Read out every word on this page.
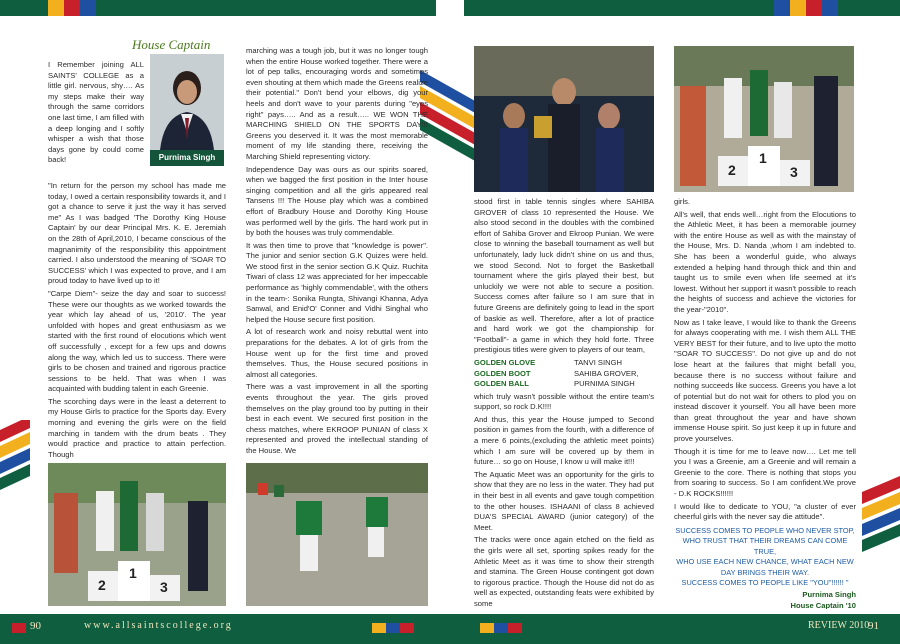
House Captain
Purnima Singh
I Remember joining ALL SAINTS' COLLEGE as a little girl. nervous, shy…. As my steps make their way through the same corridors one last time, I am filled with a deep longing and I softly whisper a wish that those days gone by could come back!

"In return for the person my school has made me today, I owed a certain responsibility towards it, and I got a chance to serve it just the way it has served me" As I was badged 'The Dorothy King House Captain' by our dear Principal Mrs. K. E. Jeremiah on the 28th of April,2010, I became conscious of the magnanimity of the responsibility this appointment carried. I also understood the meaning of 'SOAR TO SUCCESS' which I was expected to prove, and I am proud today to have lived up to it!

"Carpe Diem"- seize the day and soar to success! These were our thoughts as we worked towards the year which lay ahead of us, '2010'. The year unfolded with hopes and great enthusiasm as we started with the first round of elocutions which went off successfully , except for a few ups and downs along the way, which led us to success. There were girls to be chosen and trained and rigorous practice sessions to be held. That was when I was acquainted with budding talent in each Greenie.

The scorching days were in the least a deterrent to my House Girls to practice for the Sports day. Every morning and evening the girls were on the field marching in tandem with the drum beats . They would practice and practice to attain perfection. Though

marching was a tough job, but it was no longer tough when the entire House worked together. There were a lot of pep talks, encouraging words and sometimes even shouting at them which made the Greens realize their potential." Don't bend your elbows, dig your heels and don't wave to your parents during "eyes right" pays….. And as a result….. WE WON THE MARCHING SHIELD ON THE SPORTS DAY!!! Greens you deserved it. It was the most memorable moment of my life standing there, receiving the Marching Shield representing victory.

Independence Day was ours as our spirits soared, when we bagged the first position in the Inter house singing competition and all the girls appeared real Tansens !!! The House play which was a combined effort of Bradbury House and Dorothy King House was performed well by the girls. The hard work put in by both the houses was truly commendable.

It was then time to prove that "knowledge is power". The junior and senior section G.K Quizes were held. We stood first in the senior section G.K Quiz. Ruchita Tiwari of class 12 was appreciated for her impeccable performance as 'highly commendable', with the others in the team-: Sonika Rungta, Shivangi Khanna, Adya Sanwal, and Enid'O' Conner and Vidhi Singhal who helped the House secure first position.

A lot of research work and noisy rebuttal went into preparations for the debates. A lot of girls from the House went up for the first time and proved themselves. Thus, the House secured positions in almost all categories.

There was a vast improvement in all the sporting events throughout the year. The girls proved themselves on the play ground too by putting in their best in each event. We secured first position in the chess matches, where EKROOP PUNIAN of class X represented and proved the intellectual standing of the House. We

2
1
3
2
1
3

stood first in table tennis singles where SAHIBA GROVER of class 10 represented the House. We also stood second in the doubles with the combined effort of Sahiba Grover and Ekroop Punian. We were close to winning the baseball tournament as well but unfortunately, lady luck didn't shine on us and thus, we stood Second. Not to forget the Basketball tournament where the girls played their best, but unluckily we were not able to secure a position. Success comes after failure so I am sure that in future Greens are definitely going to lead in the sport of baskie as well. Therefore, after a lot of practice and hard work we got the championship for "Football"- a game in which they hold forte. Three prestigious titles were given to players of our team,

GOLDEN GLOVE	TANVI SINGH
GOLDEN BOOT	SAHIBA GROVER,
GOLDEN BALL	PURNIMA SINGH

which truly wasn't possible without the entire team's support, so rock D.K!!!!

And thus, this year the House jumped to Second position in games from the fourth, with a difference of a mere 6 points,(excluding the athletic meet points) which I am sure will be covered up by them in future… so go on House, I know u will make it!!!

The Aquatic Meet was an opportunity for the girls to show that they are no less in the water. They had put in their best in all events and gave tough competition to the other houses. ISHAANI of class 8 achieved DUA'S SPECIAL AWARD (junior category) of the Meet.

The tracks were once again etched on the field as the girls were all set, sporting spikes ready for the Athletic Meet as it was time to show their strength and stamina. The Green House contingent got down to rigorous practice. Though the House did not do as well as expected, outstanding feats were exhibited by some

girls.

All's well, that ends well…right from the Elocutions to the Athletic Meet, it has been a memorable journey with the entire House as well as with the mainstay of the House, Mrs. D. Nanda ,whom I am indebted to. She has been a wonderful guide, who always extended a helping hand through thick and thin and taught us to smile even when life seemed at it's lowest. Without her support it wasn't possible to reach the heights of success and achieve the victories for the year-"2010".

Now as I take leave, I would like to thank the Greens for always cooperating with me. I wish them ALL THE VERY BEST for their future, and to live upto the motto "SOAR TO SUCCESS". Do not give up and do not lose heart at the failures that might befall you, because there is no success without failure and nothing succeeds like success. Greens you have a lot of potential but do not wait for others to plod you on instead discover it yourself. You all have been more than great throughout the year and have shown immense House spirit. So just keep it up in future and prove yourselves.

Though it is time for me to leave now…. Let me tell you I was a Greenie, am a Greenie and will remain a Greenie to the core. There is nothing that stops you from soaring to success. So I am confident.We prove - D.K ROCKS!!!!!!

I would like to dedicate to YOU, "a cluster of ever cheerful girls with the never say die attitude".

SUCCESS COMES TO PEOPLE WHO NEVER STOP,
WHO TRUST THAT THEIR DREAMS CAN COME TRUE,
WHO USE EACH NEW CHANCE, WHAT EACH NEW
DAY BRINGS THEIR WAY.
SUCCESS COMES TO PEOPLE LIKE "YOU"!!!!!! "
Purnima Singh
House Captain '10
90	www.allsaintscollege.org	REVIEW 2010
91
